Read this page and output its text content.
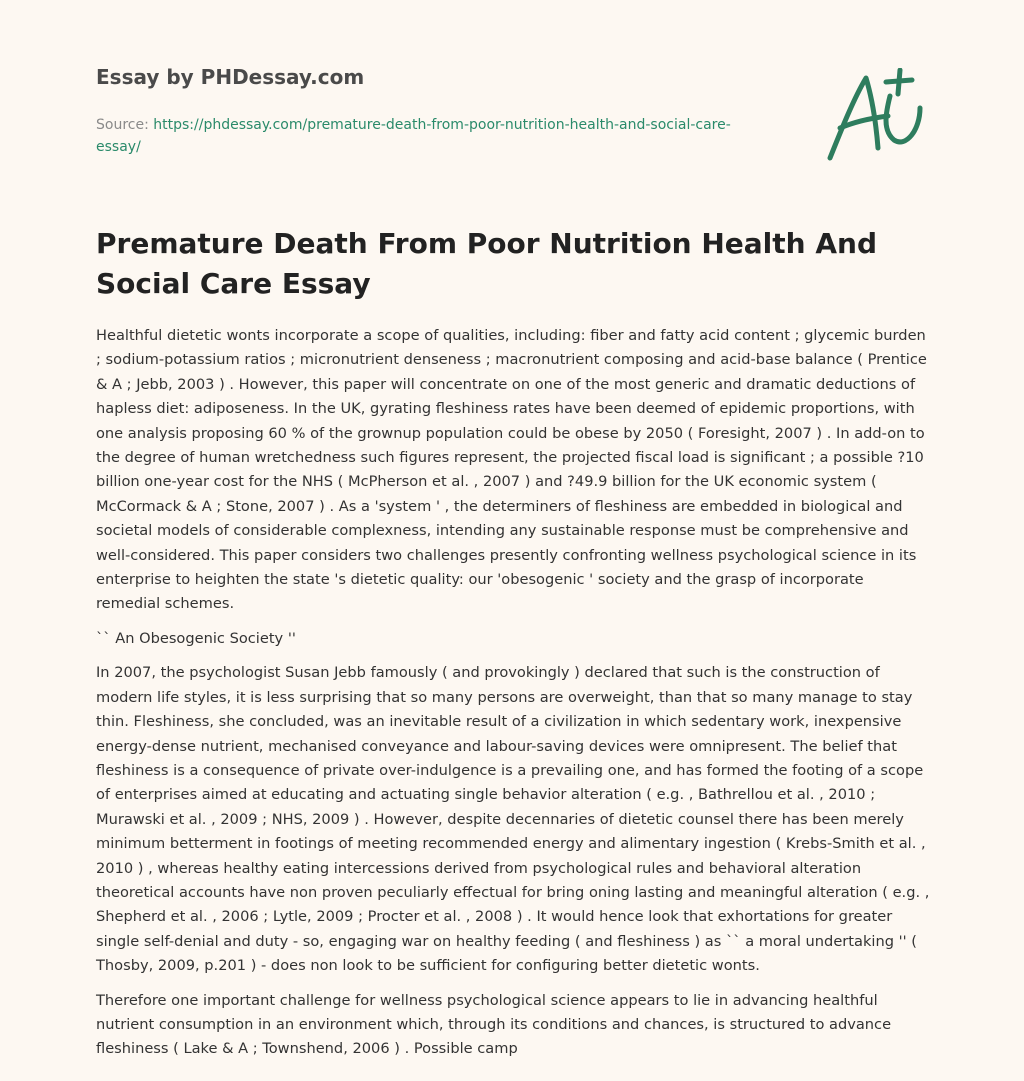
Essay by PHDessay.com
Source: https://phdessay.com/premature-death-from-poor-nutrition-health-and-social-care-essay/
Premature Death From Poor Nutrition Health And Social Care Essay

Healthful dietetic wonts incorporate a scope of qualities, including: fiber and fatty acid content ; glycemic burden ; sodium-potassium ratios ; micronutrient denseness ; macronutrient composing and acid-base balance ( Prentice & A ; Jebb, 2003 ) . However, this paper will concentrate on one of the most generic and dramatic deductions of hapless diet: adiposeness. In the UK, gyrating fleshiness rates have been deemed of epidemic proportions, with one analysis proposing 60 % of the grownup population could be obese by 2050 ( Foresight, 2007 ) . In add-on to the degree of human wretchedness such figures represent, the projected fiscal load is significant ; a possible ?10 billion one-year cost for the NHS ( McPherson et al. , 2007 ) and ?49.9 billion for the UK economic system ( McCormack & A ; Stone, 2007 ) . As a 'system ' , the determiners of fleshiness are embedded in biological and societal models of considerable complexness, intending any sustainable response must be comprehensive and well-considered. This paper considers two challenges presently confronting wellness psychological science in its enterprise to heighten the state 's dietetic quality: our 'obesogenic ' society and the grasp of incorporate remedial schemes.

`` An Obesogenic Society ''

In 2007, the psychologist Susan Jebb famously ( and provokingly ) declared that such is the construction of modern life styles, it is less surprising that so many persons are overweight, than that so many manage to stay thin. Fleshiness, she concluded, was an inevitable result of a civilization in which sedentary work, inexpensive energy-dense nutrient, mechanised conveyance and labour-saving devices were omnipresent. The belief that fleshiness is a consequence of private over-indulgence is a prevailing one, and has formed the footing of a scope of enterprises aimed at educating and actuating single behavior alteration ( e.g. , Bathrellou et al. , 2010 ; Murawski et al. , 2009 ; NHS, 2009 ) . However, despite decennaries of dietetic counsel there has been merely minimum betterment in footings of meeting recommended energy and alimentary ingestion ( Krebs-Smith et al. , 2010 ) , whereas healthy eating intercessions derived from psychological rules and behavioral alteration theoretical accounts have non proven peculiarly effectual for bring oning lasting and meaningful alteration ( e.g. , Shepherd et al. , 2006 ; Lytle, 2009 ; Procter et al. , 2008 ) . It would hence look that exhortations for greater single self-denial and duty - so, engaging war on healthy feeding ( and fleshiness ) as `` a moral undertaking '' ( Thosby, 2009, p.201 ) - does non look to be sufficient for configuring better dietetic wonts.

Therefore one important challenge for wellness psychological science appears to lie in advancing healthful nutrient consumption in an environment which, through its conditions and chances, is structured to advance fleshiness ( Lake & A ; Townshend, 2006 ) . Possible camp
